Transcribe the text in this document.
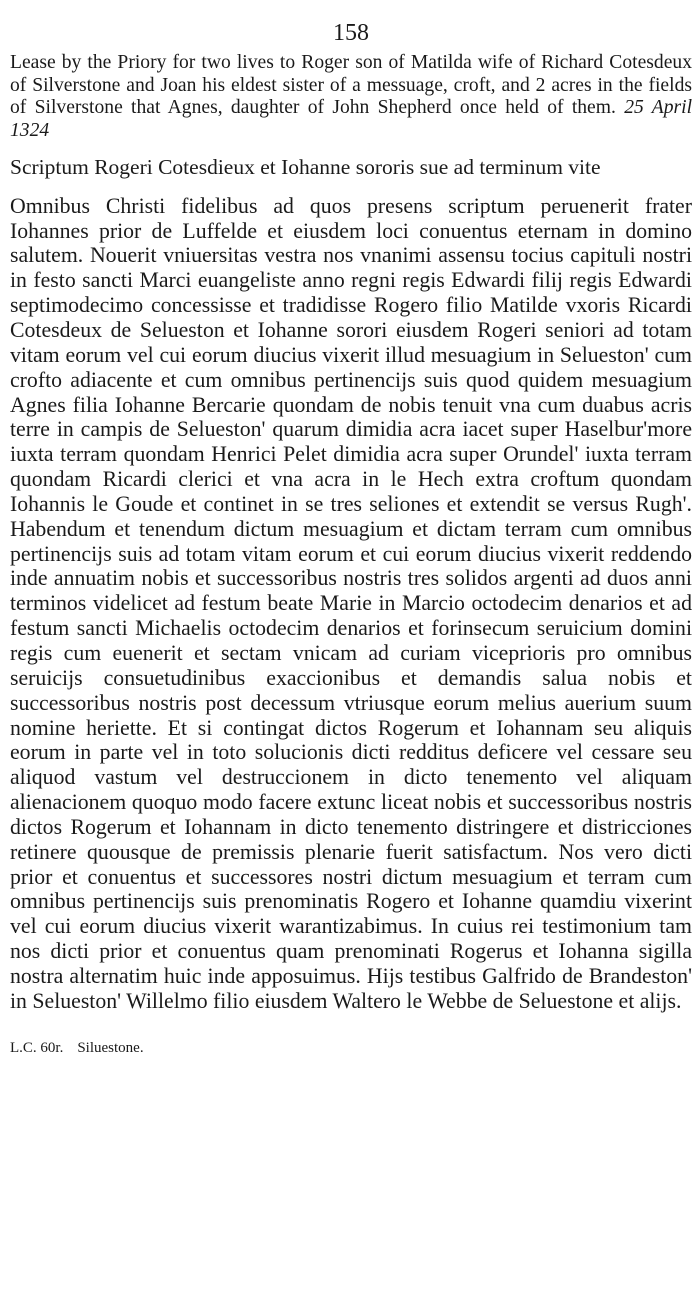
158

Lease by the Priory for two lives to Roger son of Matilda wife of Richard Cotesdeux of Silverstone and Joan his eldest sister of a messuage, croft, and 2 acres in the fields of Silverstone that Agnes, daughter of John Shepherd once held of them. 25 April 1324

Scriptum Rogeri Cotesdieux et Iohanne sororis sue ad terminum vite

Omnibus Christi fidelibus ad quos presens scriptum peruenerit frater Iohannes prior de Luffelde et eiusdem loci conuentus eternam in domino salutem. Nouerit vniuersitas vestra nos vnanimi assensu tocius capituli nostri in festo sancti Marci euangeliste anno regni regis Edwardi filij regis Edwardi septimodecimo concessisse et tradidisse Rogero filio Matilde vxoris Ricardi Cotesdeux de Selueston et Iohanne sorori eiusdem Rogeri seniori ad totam vitam eorum vel cui eorum diucius vixerit illud mesuagium in Selueston' cum crofto adiacente et cum omnibus pertinencijs suis quod quidem mesuagium Agnes filia Iohanne Bercarie quondam de nobis tenuit vna cum duabus acris terre in campis de Selueston' quarum dimidia acra iacet super Haselbur'more iuxta terram quondam Henrici Pelet dimidia acra super Orundel' iuxta terram quondam Ricardi clerici et vna acra in le Hech extra croftum quondam Iohannis le Goude et continet in se tres seliones et extendit se versus Rugh'. Habendum et tenendum dictum mesuagium et dictam terram cum omnibus pertinencijs suis ad totam vitam eorum et cui eorum diucius vixerit reddendo inde annuatim nobis et successoribus nostris tres solidos argenti ad duos anni terminos videlicet ad festum beate Marie in Marcio octodecim denarios et ad festum sancti Michaelis octodecim denarios et forinsecum seruicium domini regis cum euenerit et sectam vnicam ad curiam viceprioris pro omnibus seruicijs consuetudinibus exaccionibus et demandis salua nobis et successoribus nostris post decessum vtriusque eorum melius auerium suum nomine heriette. Et si contingat dictos Rogerum et Iohannam seu aliquis eorum in parte vel in toto solucionis dicti redditus deficere vel cessare seu aliquod vastum vel destruccionem in dicto tenemento vel aliquam alienacionem quoquo modo facere extunc liceat nobis et successoribus nostris dictos Rogerum et Iohannam in dicto tenemento distringere et districciones retinere quousque de premissis plenarie fuerit satisfactum. Nos vero dicti prior et conuentus et successores nostri dictum mesuagium et terram cum omnibus pertinencijs suis prenominatis Rogero et Iohanne quamdiu vixerint vel cui eorum diucius vixerit warantizabimus. In cuius rei testimonium tam nos dicti prior et conuentus quam prenominati Rogerus et Iohanna sigilla nostra alternatim huic inde apposuimus. Hijs testibus Galfrido de Brandeston' in Selueston' Willelmo filio eiusdem Waltero le Webbe de Seluestone et alijs.

L.C. 60r. Siluestone.
